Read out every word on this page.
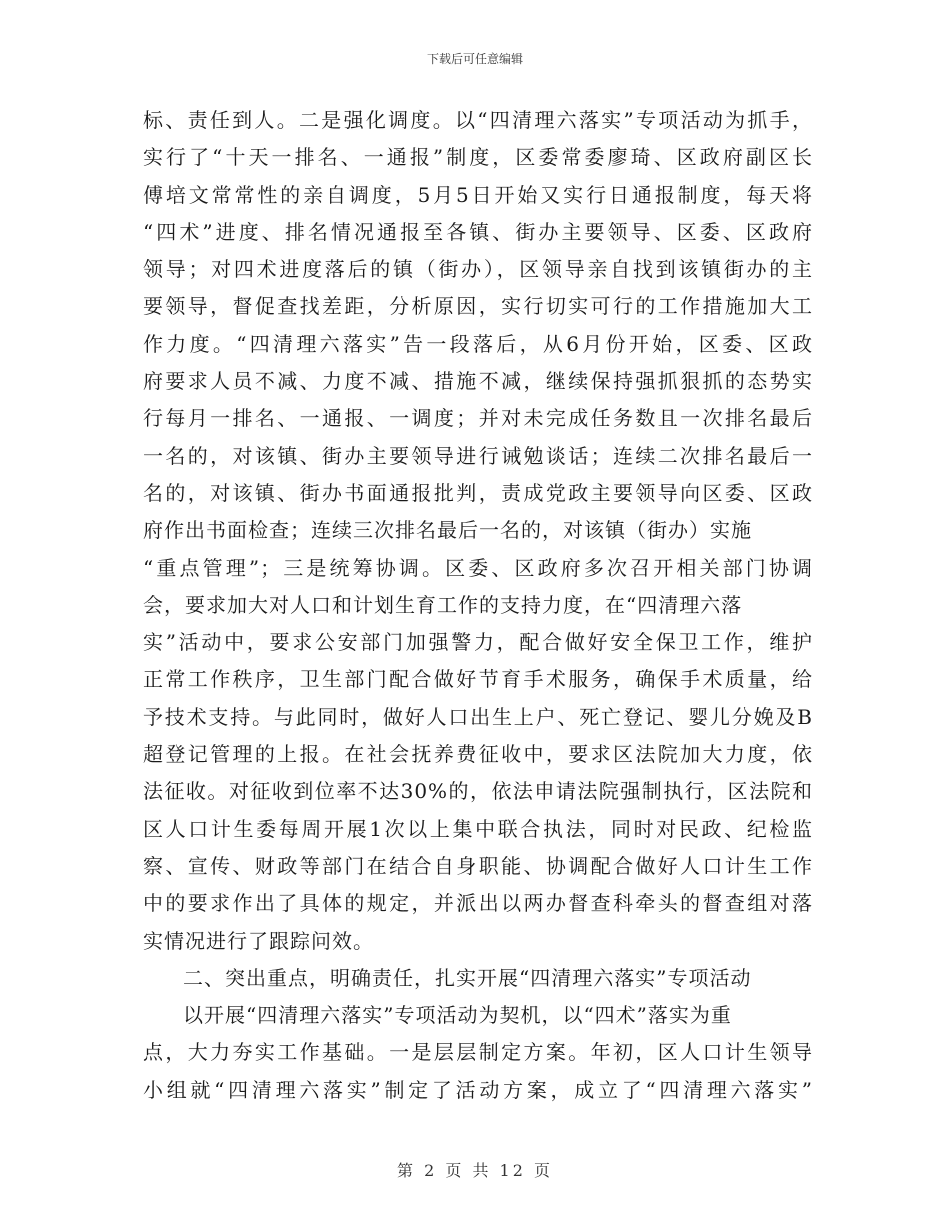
下载后可任意编辑
标、责任到人。二是强化调度。以“四清理六落实”专项活动为抓手，
实行了“十天一排名、一通报”制度，区委常委廖琦、区政府副区长
傅培文常常性的亲自调度，5月5日开始又实行日通报制度，每天将
“四术”进度、排名情况通报至各镇、街办主要领导、区委、区政府
领导；对四术进度落后的镇（街办），区领导亲自找到该镇街办的主
要领导，督促查找差距，分析原因，实行切实可行的工作措施加大工
作力度。“四清理六落实”告一段落后，从6月份开始，区委、区政
府要求人员不减、力度不减、措施不减，继续保持强抓狠抓的态势实
行每月一排名、一通报、一调度；并对未完成任务数且一次排名最后
一名的，对该镇、街办主要领导进行诫勉谈话；连续二次排名最后一
名的，对该镇、街办书面通报批判，责成党政主要领导向区委、区政
府作出书面检查；连续三次排名最后一名的，对该镇（街办）实施
“重点管理”；三是统筹协调。区委、区政府多次召开相关部门协调
会，要求加大对人口和计划生育工作的支持力度，在“四清理六落
实”活动中，要求公安部门加强警力，配合做好安全保卫工作，维护
正常工作秩序，卫生部门配合做好节育手术服务，确保手术质量，给
予技术支持。与此同时，做好人口出生上户、死亡登记、婴儿分娩及B
超登记管理的上报。在社会抚养费征收中，要求区法院加大力度，依
法征收。对征收到位率不达30%的，依法申请法院强制执行，区法院和
区人口计生委每周开展1次以上集中联合执法，同时对民政、纪检监
察、宣传、财政等部门在结合自身职能、协调配合做好人口计生工作
中的要求作出了具体的规定，并派出以两办督查科牵头的督查组对落
实情况进行了跟踪问效。
二、突出重点，明确责任，扎实开展“四清理六落实”专项活动
以开展“四清理六落实”专项活动为契机，以“四术”落实为重
点，大力夯实工作基础。一是层层制定方案。年初，区人口计生领导
小组就“四清理六落实”制定了活动方案，成立了“四清理六落实”
第 2 页 共 12 页
